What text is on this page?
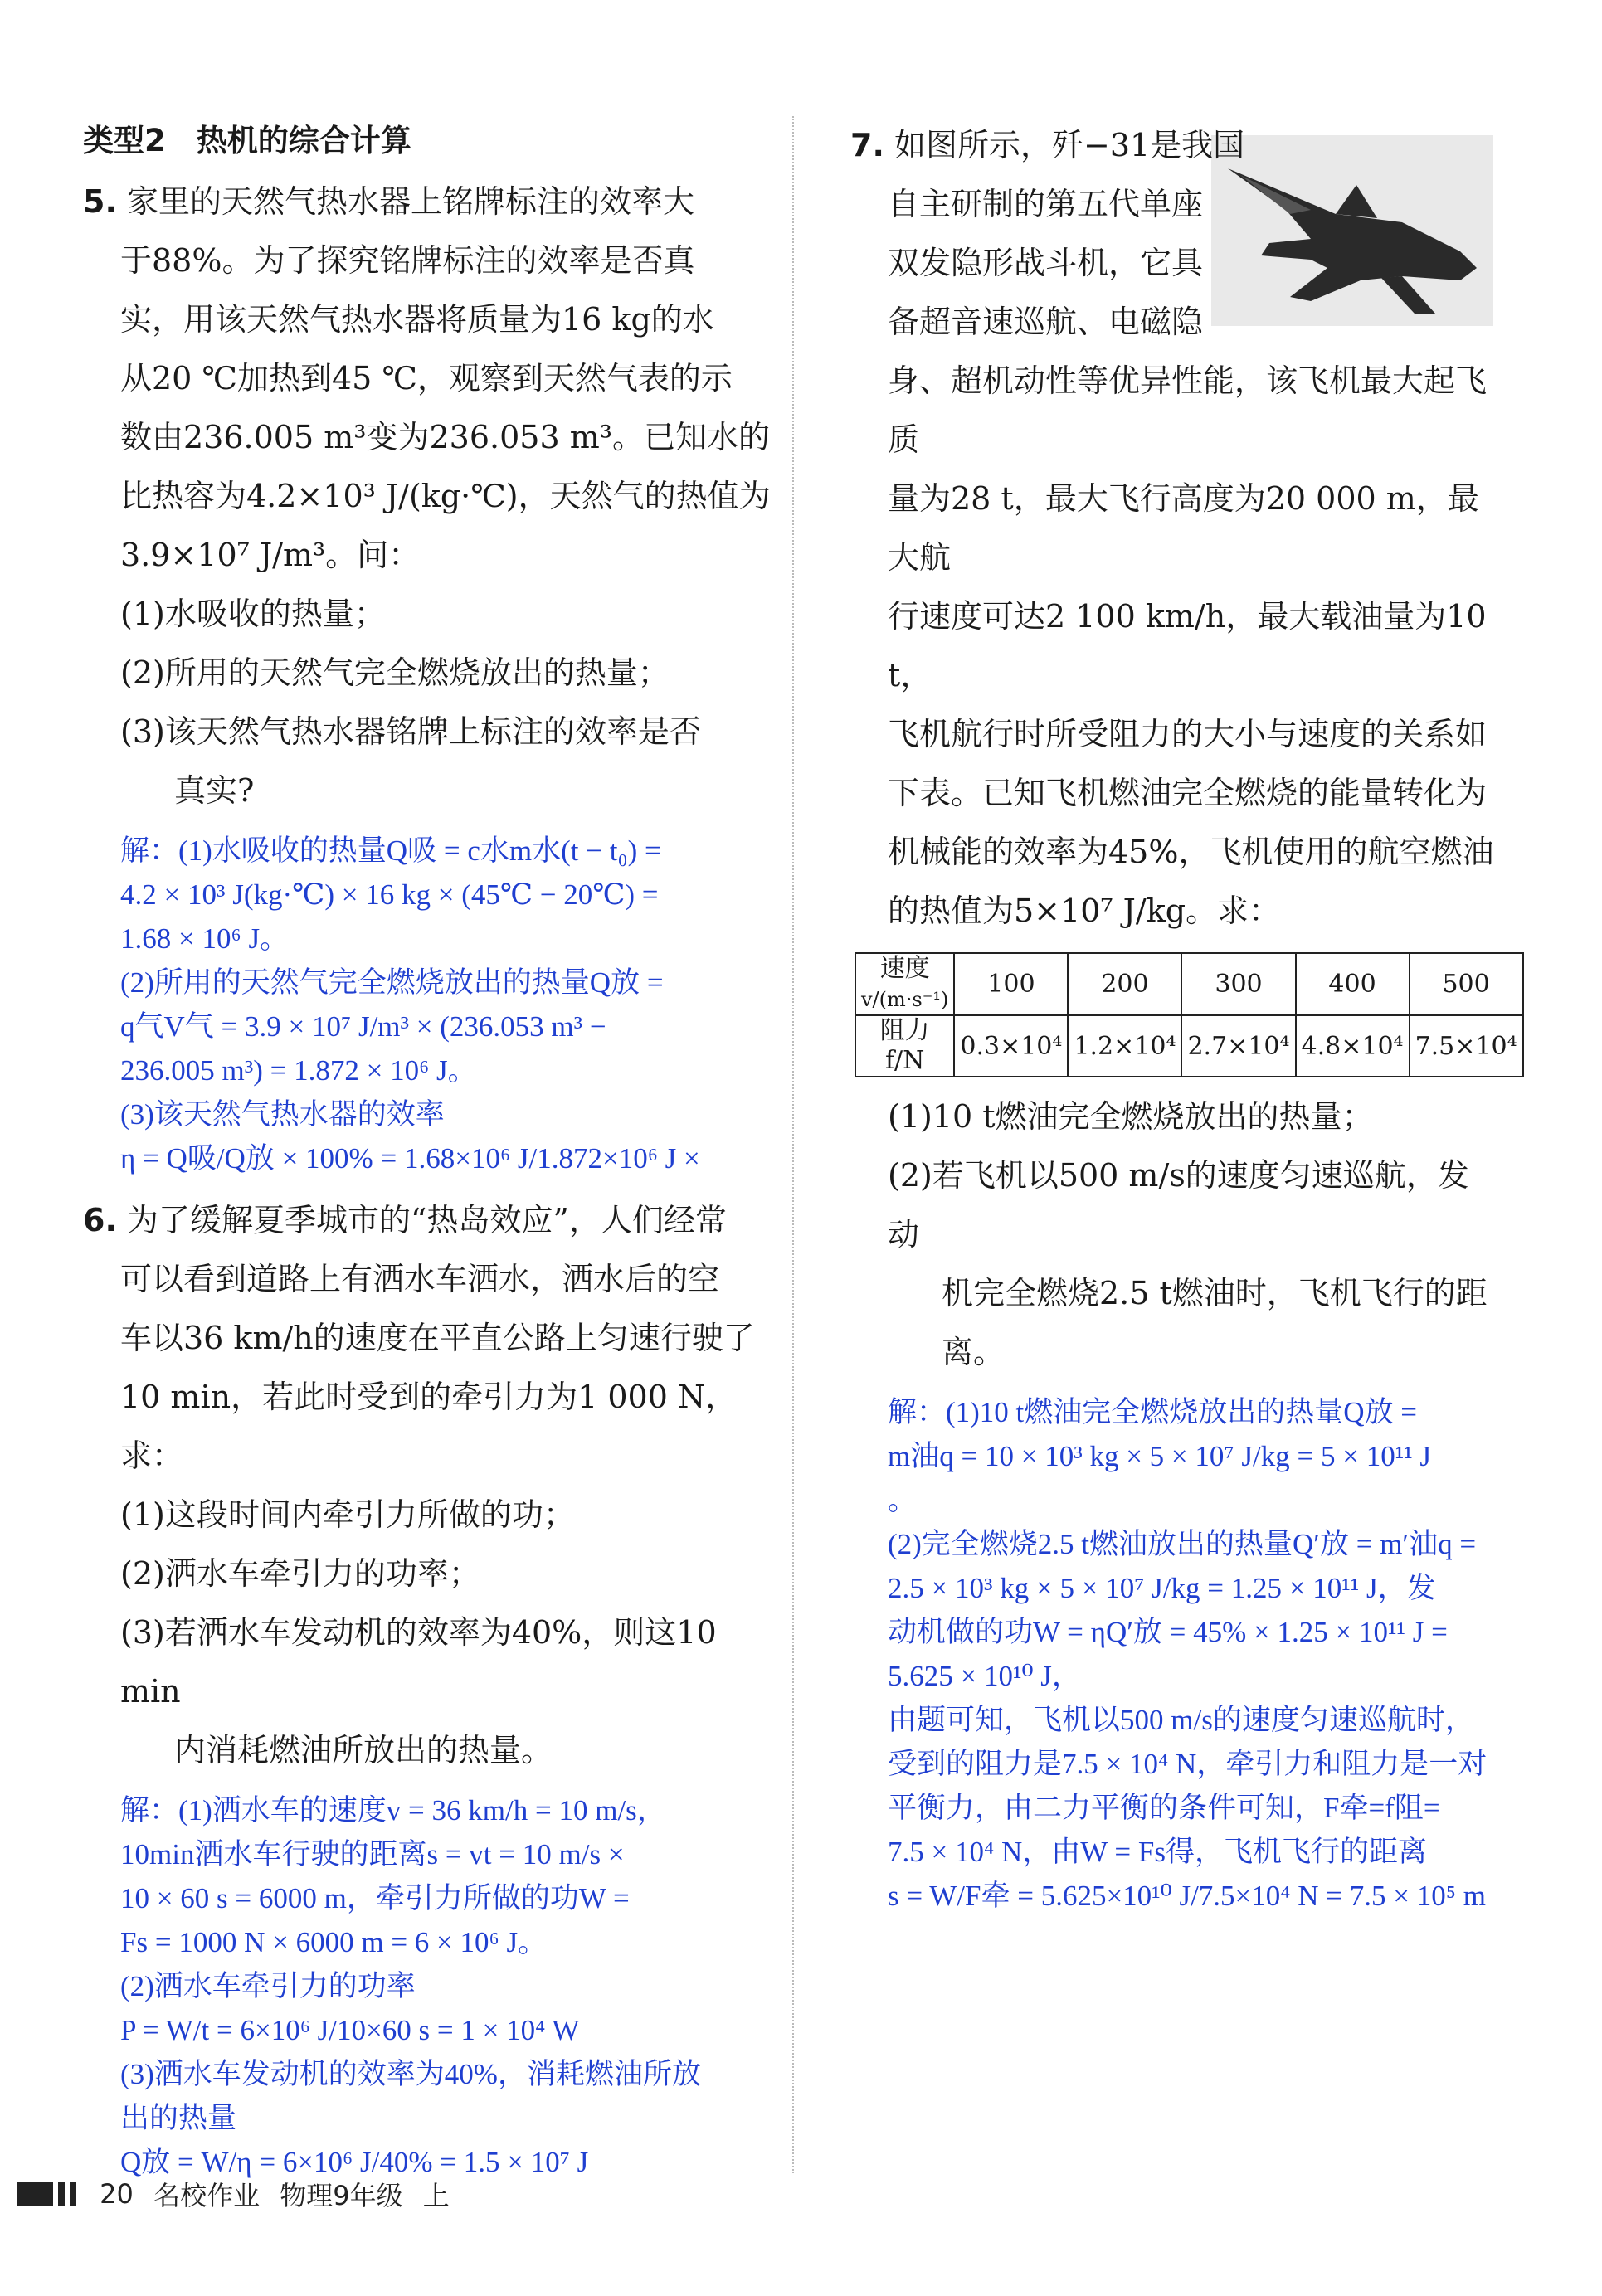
类型2　热机的综合计算

5. 家里的天然气热水器上铭牌标注的效率大

于88%。为了探究铭牌标注的效率是否真

实，用该天然气热水器将质量为16 kg的水

从20 ℃加热到45 ℃，观察到天然气表的示

数由236.005 m³变为236.053 m³。已知水的

比热容为4.2×10³ J/(kg·℃)，天然气的热值为

3.9×10⁷ J/m³。问：

(1)水吸收的热量；

(2)所用的天然气完全燃烧放出的热量；

(3)该天然气热水器铭牌上标注的效率是否

真实?

解：(1)水吸收的热量Q吸 = c水m水(t − t₀) =

4.2 × 10³ J(kg·℃) × 16 kg × (45℃ − 20℃) =

1.68 × 10⁶ J。

(2)所用的天然气完全燃烧放出的热量Q放 =

q气V气 = 3.9 × 10⁷ J/m³ × (236.053 m³ −

236.005 m³) = 1.872 × 10⁶ J。

(3)该天然气热水器的效率

η = Q吸/Q放 × 100% = 1.68×10⁶ J/1.872×10⁶ J ×

6. 为了缓解夏季城市的“热岛效应”，人们经常

可以看到道路上有洒水车洒水，洒水后的空

车以36 km/h的速度在平直公路上匀速行驶了

10 min，若此时受到的牵引力为1 000 N，求：

(1)这段时间内牵引力所做的功；

(2)洒水车牵引力的功率；

(3)若洒水车发动机的效率为40%，则这10 min

内消耗燃油所放出的热量。

解：(1)洒水车的速度v = 36 km/h = 10 m/s，

10min洒水车行驶的距离s = vt = 10 m/s ×

10 × 60 s = 6000 m，牵引力所做的功W =

Fs = 1000 N × 6000 m = 6 × 10⁶ J。

(2)洒水车牵引力的功率

P = W/t = 6×10⁶ J/10×60 s = 1 × 10⁴ W

(3)洒水车发动机的效率为40%，消耗燃油所放

出的热量

Q放 = W/η = 6×10⁶ J/40% = 1.5 × 10⁷ J

7. 如图所示，歼−31是我国

自主研制的第五代单座

双发隐形战斗机，它具

备超音速巡航、电磁隐

身、超机动性等优异性能，该飞机最大起飞质

量为28 t，最大飞行高度为20 000 m，最大航

行速度可达2 100 km/h，最大载油量为10 t，

飞机航行时所受阻力的大小与速度的关系如

下表。已知飞机燃油完全燃烧的能量转化为

机械能的效率为45%，飞机使用的航空燃油

的热值为5×10⁷ J/kg。求：

速度
v/(m·s⁻¹)	100	200	300	400	500
阻力f/N	0.3×10⁴	1.2×10⁴	2.7×10⁴	4.8×10⁴	7.5×10⁴

(1)10 t燃油完全燃烧放出的热量；

(2)若飞机以500 m/s的速度匀速巡航，发动

机完全燃烧2.5 t燃油时，飞机飞行的距离。

解：(1)10 t燃油完全燃烧放出的热量Q放 =

m油q = 10 × 10³ kg × 5 × 10⁷ J/kg = 5 × 10¹¹ J

。

(2)完全燃烧2.5 t燃油放出的热量Q′放 = m′油q =

2.5 × 10³ kg × 5 × 10⁷ J/kg = 1.25 × 10¹¹ J，发

动机做的功W = ηQ′放 = 45% × 1.25 × 10¹¹ J =

5.625 × 10¹⁰ J，

由题可知，飞机以500 m/s的速度匀速巡航时，

受到的阻力是7.5 × 10⁴ N，牵引力和阻力是一对

平衡力，由二力平衡的条件可知，F牵=f阻=

7.5 × 10⁴ N，由W = Fs得，飞机飞行的距离

s = W/F牵 = 5.625×10¹⁰ J/7.5×10⁴ N = 7.5 × 10⁵ m

20 名校作业 物理9年级 上
